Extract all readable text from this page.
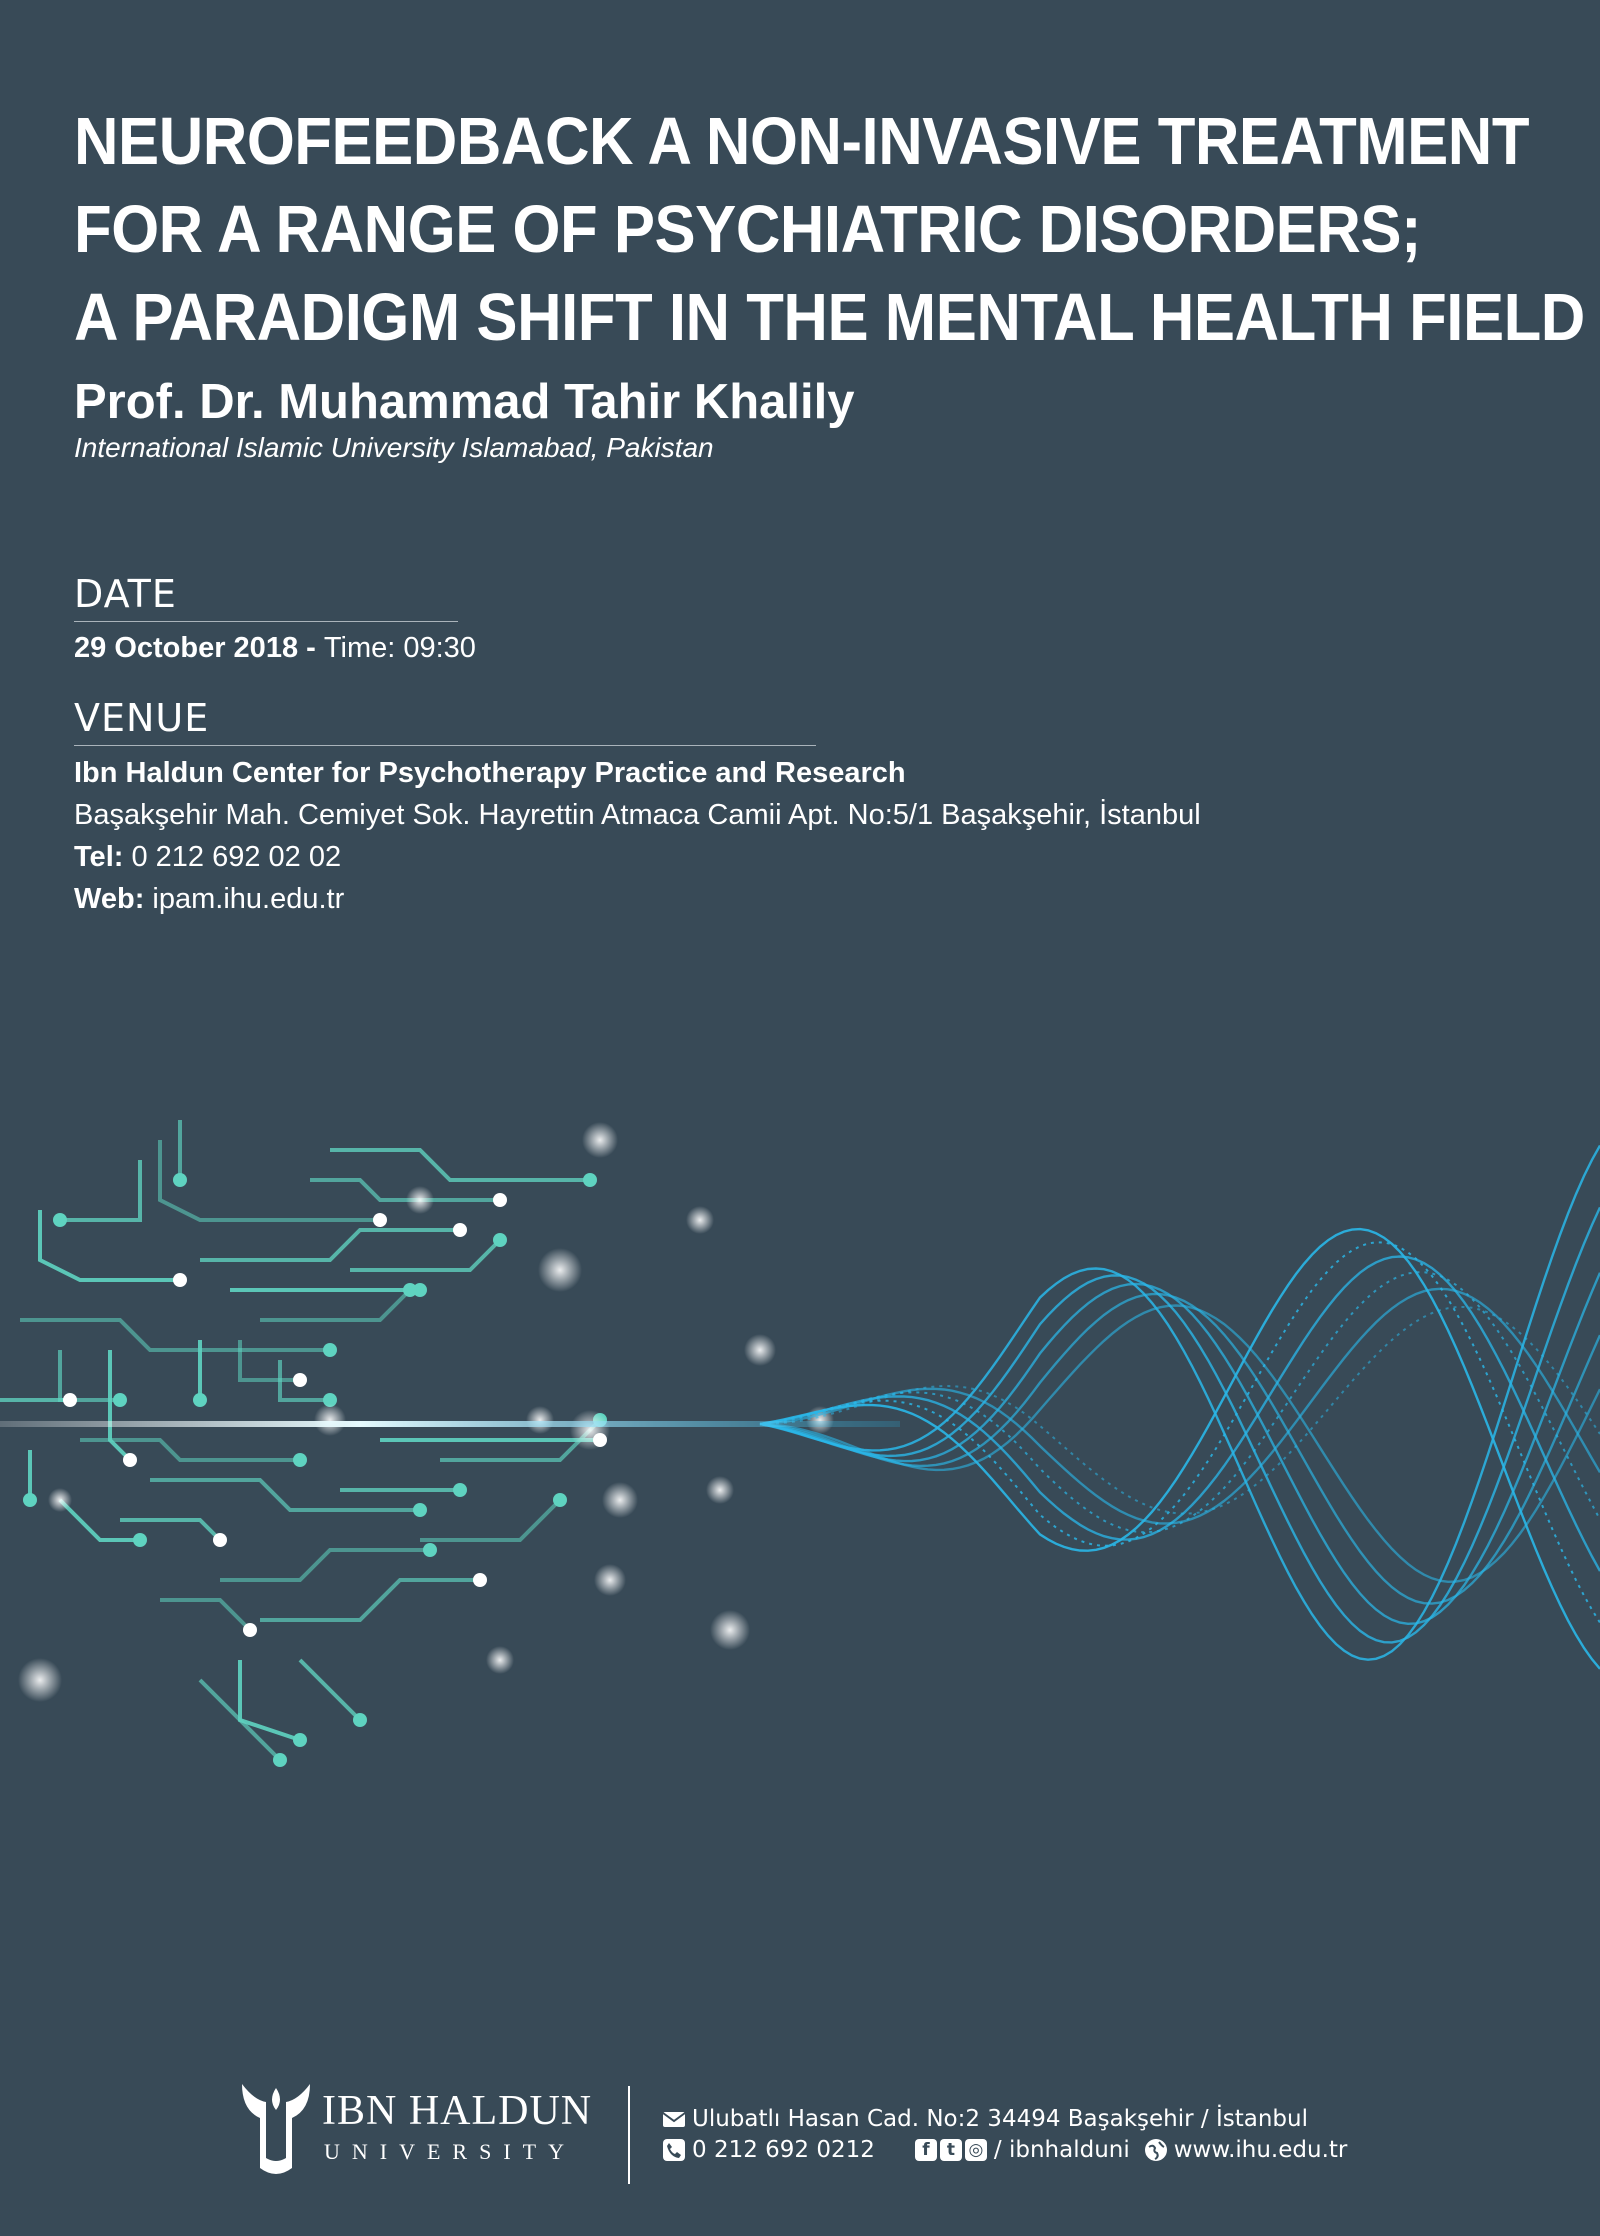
NEUROFEEDBACK A NON-INVASIVE TREATMENT
FOR A RANGE OF PSYCHIATRIC DISORDERS;
A PARADIGM SHIFT IN THE MENTAL HEALTH FIELD
Prof. Dr. Muhammad Tahir Khalily
International Islamic University Islamabad, Pakistan
DATE
29 October 2018 - Time: 09:30
VENUE
Ibn Haldun Center for Psychotherapy Practice and Research
Başakşehir Mah. Cemiyet Sok. Hayrettin Atmaca Camii Apt. No:5/1 Başakşehir, İstanbul
Tel: 0 212 692 02 02
Web: ipam.ihu.edu.tr
IBN HALDUN
UNIVERSITY
Ulubatlı Hasan Cad. No:2 34494 Başakşehir / İstanbul
0 212 692 0212	f	t ◎ / ibnhalduni www.ihu.edu.tr
